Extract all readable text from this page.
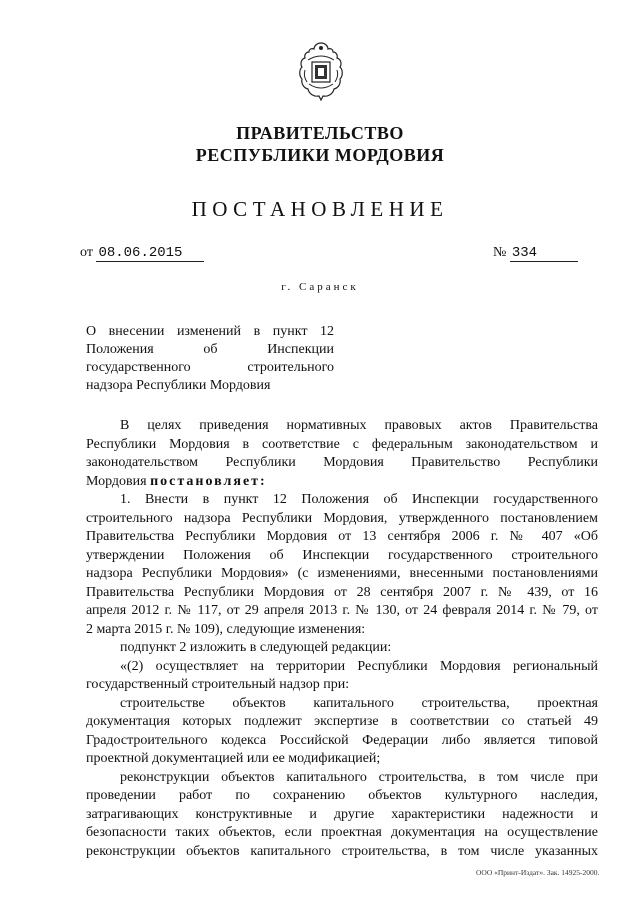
ПРАВИТЕЛЬСТВО
РЕСПУБЛИКИ МОРДОВИЯ
ПОСТАНОВЛЕНИЕ
от 08.06.2015	№ 334
г. Саранск
О внесении изменений в пункт 12
Положения об Инспекции
государственного строительного
надзора Республики Мордовия
В целях приведения нормативных правовых актов Правительства
Республики Мордовия в соответствие с федеральным законодательством и
законодательством Республики Мордовия Правительство Республики
Мордовия постановляет:
1. Внести в пункт 12 Положения об Инспекции государственного
строительного надзора Республики Мордовия, утвержденного постановлением
Правительства Республики Мордовия от 13 сентября 2006 г. № 407 «Об
утверждении Положения об Инспекции государственного строительного
надзора Республики Мордовия» (с изменениями, внесенными постановлениями
Правительства Республики Мордовия от 28 сентября 2007 г. № 439, от 16
апреля 2012 г. № 117, от 29 апреля 2013 г. № 130, от 24 февраля 2014 г. № 79, от
2 марта 2015 г. № 109), следующие изменения:
подпункт 2 изложить в следующей редакции:
«(2) осуществляет на территории Республики Мордовия региональный
государственный строительный надзор при:
строительстве объектов капитального строительства, проектная
документация которых подлежит экспертизе в соответствии со статьей 49
Градостроительного кодекса Российской Федерации либо является типовой
проектной документацией или ее модификацией;
реконструкции объектов капитального строительства, в том числе при
проведении работ по сохранению объектов культурного наследия,
затрагивающих конструктивные и другие характеристики надежности и
безопасности таких объектов, если проектная документация на осуществление
реконструкции объектов капитального строительства, в том числе указанных
ООО «Принт-Издат». Зак. 14925-2000.
